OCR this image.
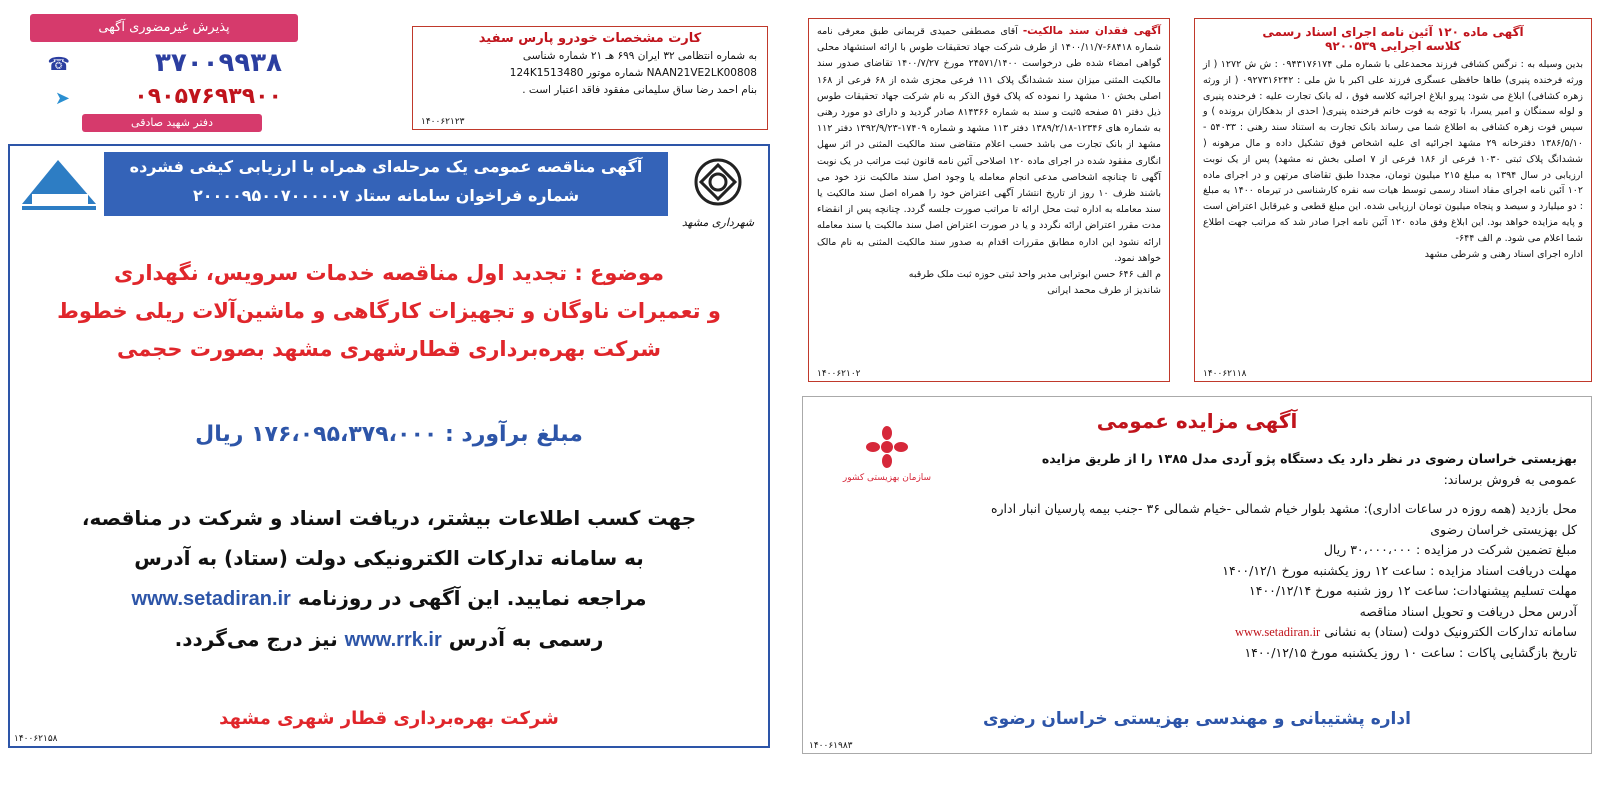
پذیرش غیرمضوری آگهی
☎	۳۷۰۰۹۹۳۸
➤	۰۹۰۵۷۶۹۳۹۰۰
دفتر شهید صادقی
کارت مشخصات خودرو پارس سفید

به شماره انتظامی ۳۲ ایران ۶۹۹ هـ ۲۱ شماره شناسی

NAAN21VE2LK00808 شماره موتور 124K1513480

بنام احمد رضا ساق سلیمانی مفقود فاقد اعتبار است .

۱۴۰۰۶۲۱۲۳
شهرداری مشهد
آگهی مناقصه عمومی یک مرحله‌ای همراه با ارزیابی کیفی فشرده
شماره فراخوان سامانه ستاد ۲۰۰۰۰۹۵۰۰۷۰۰۰۰۰۷
موضوع : تجدید اول مناقصه خدمات سرویس، نگهداری
و تعمیرات ناوگان و تجهیزات کارگاهی و ماشین‌آلات ریلی خطوط
شرکت بهره‌برداری قطارشهری مشهد بصورت حجمی
مبلغ برآورد : ۱۷۶،۰۹۵،۳۷۹،۰۰۰ ریال
جهت کسب اطلاعات بیشتر، دریافت اسناد و شرکت در مناقصه،
به سامانه تدارکات الکترونیکی دولت (ستاد) به آدرس
مراجعه نمایید. این آگهی در روزنامه www.setadiran.ir
رسمی به آدرس www.rrk.ir نیز درج می‌گردد.
شرکت بهره‌برداری قطار شهری مشهد
۱۴۰۰۶۲۱۵۸

آگهی فقدان سند مالکیت- آقای مصطفی حمیدی قربمانی طبق معرفی نامه شماره ۶۸۴۱۸-۱۴۰۰/۱۱/۷ از طرف شرکت جهاد تحقیقات طوس با ارائه استشهاد محلی گواهی امضاء شده طی درخواست ۲۴۵۷۱/۱۴۰۰ مورخ ۱۴۰۰/۷/۲۷ تقاضای صدور سند مالکیت المثنی میزان سند ششدانگ پلاک ۱۱۱ فرعی مجزی شده از ۶۸ فرعی از ۱۶۸ اصلی بخش ۱۰ مشهد را نموده که پلاک فوق الذکر به نام شرکت جهاد تحقیقات طوس ذیل دفتر ۵۱ صفحه ۵ثبت و سند به شماره ۸۱۴۳۶۶ صادر گردید و دارای دو مورد رهنی به شماره های ۱۲۳۴۶-۱۳۸۹/۲/۱۸ دفتر ۱۱۳ مشهد و شماره ۱۷۴۰۹-۱۳۹۲/۹/۲۳ دفتر ۱۱۲ مشهد از بانک تجارت می باشد حسب اعلام متقاضی سند مالکیت المثنی در اثر سهل انگاری مفقود شده در اجرای ماده ۱۲۰ اصلاحی آئین نامه قانون ثبت مراتب در یک نوبت آگهی تا چنانچه اشخاصی مدعی انجام معامله یا وجود اصل سند مالکیت نزد خود می باشند ظرف ۱۰ روز از تاریخ انتشار آگهی اعتراض خود را همراه اصل سند مالکیت یا سند معامله به اداره ثبت محل ارائه تا مراتب صورت جلسه گردد. چنانچه پس از انقضاء مدت مقرر اعتراض ارائه نگردد و یا در صورت اعتراض اصل سند مالکیت یا سند معامله ارائه نشود این اداره مطابق مقررات اقدام به صدور سند مالکیت المثنی به نام مالک خواهد نمود.

م الف ۶۴۶ حسن ابوترابی مدیر واحد ثبتی حوزه ثبت ملک طرقبه

شاندیز از طرف محمد ایرانی

۱۴۰۰۶۲۱۰۲
آگهی ماده ۱۲۰ آئین نامه اجرای اسناد رسمی
کلاسه اجرایی ۹۲۰۰۵۳۹

بدین وسیله به : نرگس کشافی فرزند محمدعلی با شماره ملی ۰۹۴۳۱۷۶۱۷۴ : ش ش ۱۲۷۲ ( از ورثه فرخنده پنیری) طاها حافظی عسگری فرزند علی اکبر با ش ملی : ۰۹۲۷۳۱۶۲۴۲ ( از ورثه زهره کشافی) ابلاغ می شود: پیرو ابلاغ اجرائیه کلاسه فوق ، له بانک تجارت علیه : فرخنده پنیری و لوله سمنگان و امیر یسرا، با توجه به فوت خانم فرخنده پنیری( احدی از بدهکاران برونده ) و سپس فوت زهره کشافی به اطلاع شما می رساند بانک تجارت به استناد سند رهنی : ۵۴۰۳۳ - ۱۳۸۶/۵/۱۰ دفترخانه ۲۹ مشهد اجرائیه ای علیه اشخاص فوق تشکیل داده و مال مرهونه ( ششدانگ پلاک ثبتی ۱۰۳۰ فرعی از ۱۸۶ فرعی از ۷ اصلی بخش نه مشهد) پس از یک نوبت ارزیابی در سال ۱۳۹۴ به مبلغ ۲۱۵ میلیون تومان، مجددا طبق تقاضای مرتهن و در اجرای ماده ۱۰۲ آئین نامه اجرای مفاد اسناد رسمی توسط هیات سه نفره کارشناسی در تیرماه ۱۴۰۰ به مبلغ : دو میلیارد و سیصد و پنجاه میلیون تومان ارزیابی شده. این مبلغ قطعی و غیرقابل اعتراض است و پایه مزایده خواهد بود. این ابلاغ وفق ماده ۱۲۰ آئین نامه اجرا صادر شد که مراتب جهت اطلاع شما اعلام می شود. م الف ۶۴۴-

اداره اجرای اسناد رهنی و شرطی مشهد

۱۴۰۰۶۲۱۱۸
آگهی مزایده عمومی
سازمان بهزیستی کشور
بهزیستی خراسان رضوی در نظر دارد یک دستگاه پژو آردی مدل ۱۳۸۵ را از طریق مزایده
عمومی به فروش برساند:
محل بازدید (همه روزه در ساعات اداری): مشهد بلوار خیام شمالی -خیام شمالی ۳۶ -جنب بیمه پارسیان انبار اداره
کل بهزیستی خراسان رضوی
مبلغ تضمین شرکت در مزایده : ۳۰،۰۰۰،۰۰۰ ریال
مهلت دریافت اسناد مزایده : ساعت ۱۲ روز یکشنبه مورخ ۱۴۰۰/۱۲/۱
مهلت تسلیم پیشنهادات: ساعت ۱۲ روز شنبه مورخ ۱۴۰۰/۱۲/۱۴
آدرس محل دریافت و تحویل اسناد مناقصه
سامانه تدارکات الکترونیک دولت (ستاد) به نشانی www.setadiran.ir
تاریخ بازگشایی پاکات : ساعت ۱۰ روز یکشنبه مورخ ۱۴۰۰/۱۲/۱۵
اداره پشتیبانی و مهندسی بهزیستی خراسان رضوی
۱۴۰۰۶۱۹۸۳
